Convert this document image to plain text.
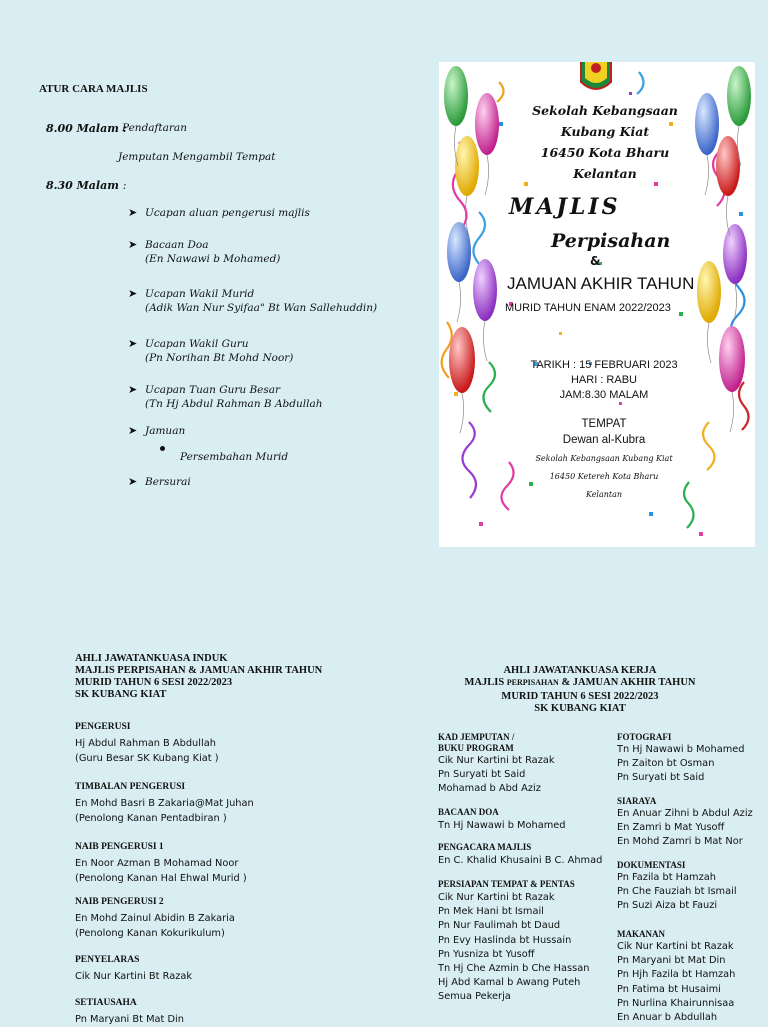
ATUR CARA MAJLIS
8.00 Malam :
Pendaftaran
Jemputan Mengambil Tempat
8.30 Malam :
➤ Ucapan aluan pengerusi majlis
➤ Bacaan Doa
(En Nawawi b Mohamed)
➤ Ucapan Wakil Murid
(Adik Wan Nur Syifaa" Bt Wan Sallehuddin)
➤ Ucapan Wakil Guru
(Pn Norihan Bt Mohd Noor)
➤ Ucapan Tuan Guru Besar
(Tn Hj Abdul Rahman B Abdullah
➤ Jamuan
Persembahan Murid
➤ Bersurai
Sekolah Kebangsaan Kubang Kiat
16450 Kota Bharu
Kelantan
MAJLIS
Perpisahan
&
JAMUAN AKHIR TAHUN
MURID TAHUN ENAM 2022/2023
TARIKH : 15 FEBRUARI 2023
HARI : RABU
JAM:8.30 MALAM
TEMPAT
Dewan al-Kubra
Sekolah Kebangsaan Kubang Kiat
16450 Ketereh Kota Bharu
Kelantan
AHLI JAWATANKUASA INDUK
MAJLIS PERPISAHAN & JAMUAN AKHIR TAHUN
MURID TAHUN 6 SESI 2022/2023
SK KUBANG KIAT
PENGERUSI
Hj Abdul Rahman B Abdullah
(Guru Besar SK Kubang Kiat )
TIMBALAN PENGERUSI
En Mohd Basri B Zakaria@Mat Juhan
(Penolong Kanan Pentadbiran )
NAIB PENGERUSI 1
En Noor Azman B Mohamad Noor
(Penolong Kanan Hal Ehwal Murid )
NAIB PENGERUSI 2
En Mohd Zainul Abidin B Zakaria
(Penolong Kanan Kokurikulum)
PENYELARAS
Cik Nur Kartini Bt Razak
SETIAUSAHA
Pn Maryani Bt Mat Din
AHLI JAWATANKUASA KERJA
MAJLIS PERPISAHAN & JAMUAN AKHIR TAHUN
MURID TAHUN 6 SESI 2022/2023
SK KUBANG KIAT
KAD JEMPUTAN /
BUKU PROGRAM
Cik Nur Kartini bt Razak
Pn Suryati bt Said
Mohamad b Abd Aziz
BACAAN DOA
Tn Hj Nawawi b Mohamed
PENGACARA MAJLIS
En C. Khalid Khusaini B C. Ahmad
PERSIAPAN TEMPAT & PENTAS
Cik Nur Kartini bt Razak
Pn Mek Hani bt Ismail
Pn Nur Faulimah bt Daud
Pn Evy Haslinda bt Hussain
Pn Yusniza bt Yusoff
Tn Hj Che Azmin b Che Hassan
Hj Abd Kamal b Awang Puteh
Semua Pekerja
FOTOGRAFI
Tn Hj Nawawi b Mohamed
Pn Zaiton bt Osman
Pn Suryati bt Said
SIARAYA
En Anuar Zihni b Abdul Aziz
En Zamri b Mat Yusoff
En Mohd Zamri b Mat Nor
DOKUMENTASI
Pn Fazila bt Hamzah
Pn Che Fauziah bt Ismail
Pn Suzi Aiza bt Fauzi
MAKANAN
Cik Nur Kartini bt Razak
Pn Maryani bt Mat Din
Pn Hjh Fazila bt Hamzah
Pn Fatima bt Husaimi
Pn Nurlina Khairunnisaa
En Anuar b Abdullah
